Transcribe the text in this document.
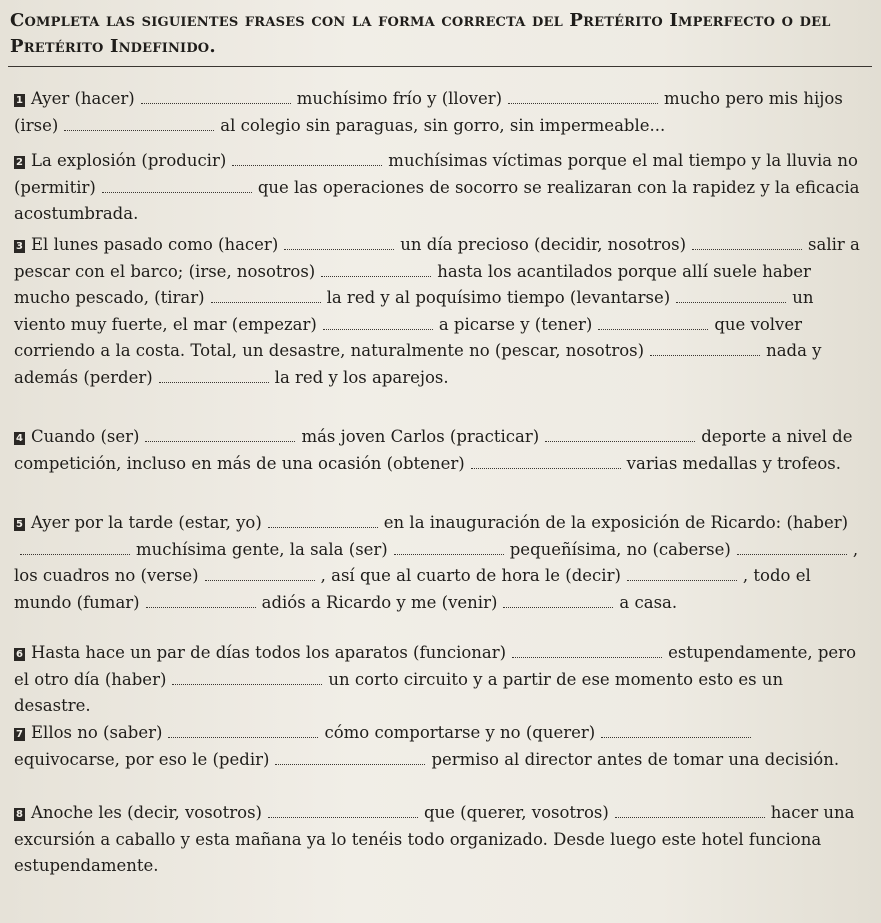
Completa las siguientes frases con la forma correcta del Pretérito Imperfecto o del Pretérito Indefinido.
1 Ayer (hacer)	muchísimo frío y (llover)	mucho pero mis hijos (irse)	al colegio sin paraguas, sin gorro, sin impermeable...
2 La explosión (producir)	muchísimas víctimas porque el mal tiempo y la lluvia no (permitir)	que las operaciones de socorro se realizaran con la rapidez y la eficacia acostumbrada.
3 El lunes pasado como (hacer)	un día precioso (decidir, nosotros)	salir a pescar con el barco; (irse, nosotros)	hasta los acantilados porque allí suele haber mucho pescado, (tirar)	la red y al poquísimo tiempo (levantarse)	un viento muy fuerte, el mar (empezar)	a picarse y (tener)	que volver corriendo a la costa. Total, un desastre, naturalmente no (pescar, nosotros)	nada y además (perder)	la red y los aparejos.
4 Cuando (ser)	más joven Carlos (practicar)	deporte a nivel de competición, incluso en más de una ocasión (obtener)	varias medallas y trofeos.
5 Ayer por la tarde (estar, yo)	en la inauguración de la exposición de Ricardo: (haber)muchísima gente, la sala (ser)	pequeñísima, no (caberse)	, los cuadros no (verse)	, así que al cuarto de hora le (decir)	, todo el mundo (fumar)	adiós a Ricardo y me (venir)	a casa.
6 Hasta hace un par de días todos los aparatos (funcionar)	estupendamente, pero el otro día (haber)	un corto circuito y a partir de ese momento esto es un desastre.
7 Ellos no (saber)	cómo comportarse y no (querer)equivocarse, por eso le (pedir)	permiso al director antes de tomar una decisión.
8 Anoche les (decir, vosotros)	que (querer, vosotros)	hacer una excursión a caballo y esta mañana ya lo tenéis todo organizado. Desde luego este hotel funciona estupendamente.
